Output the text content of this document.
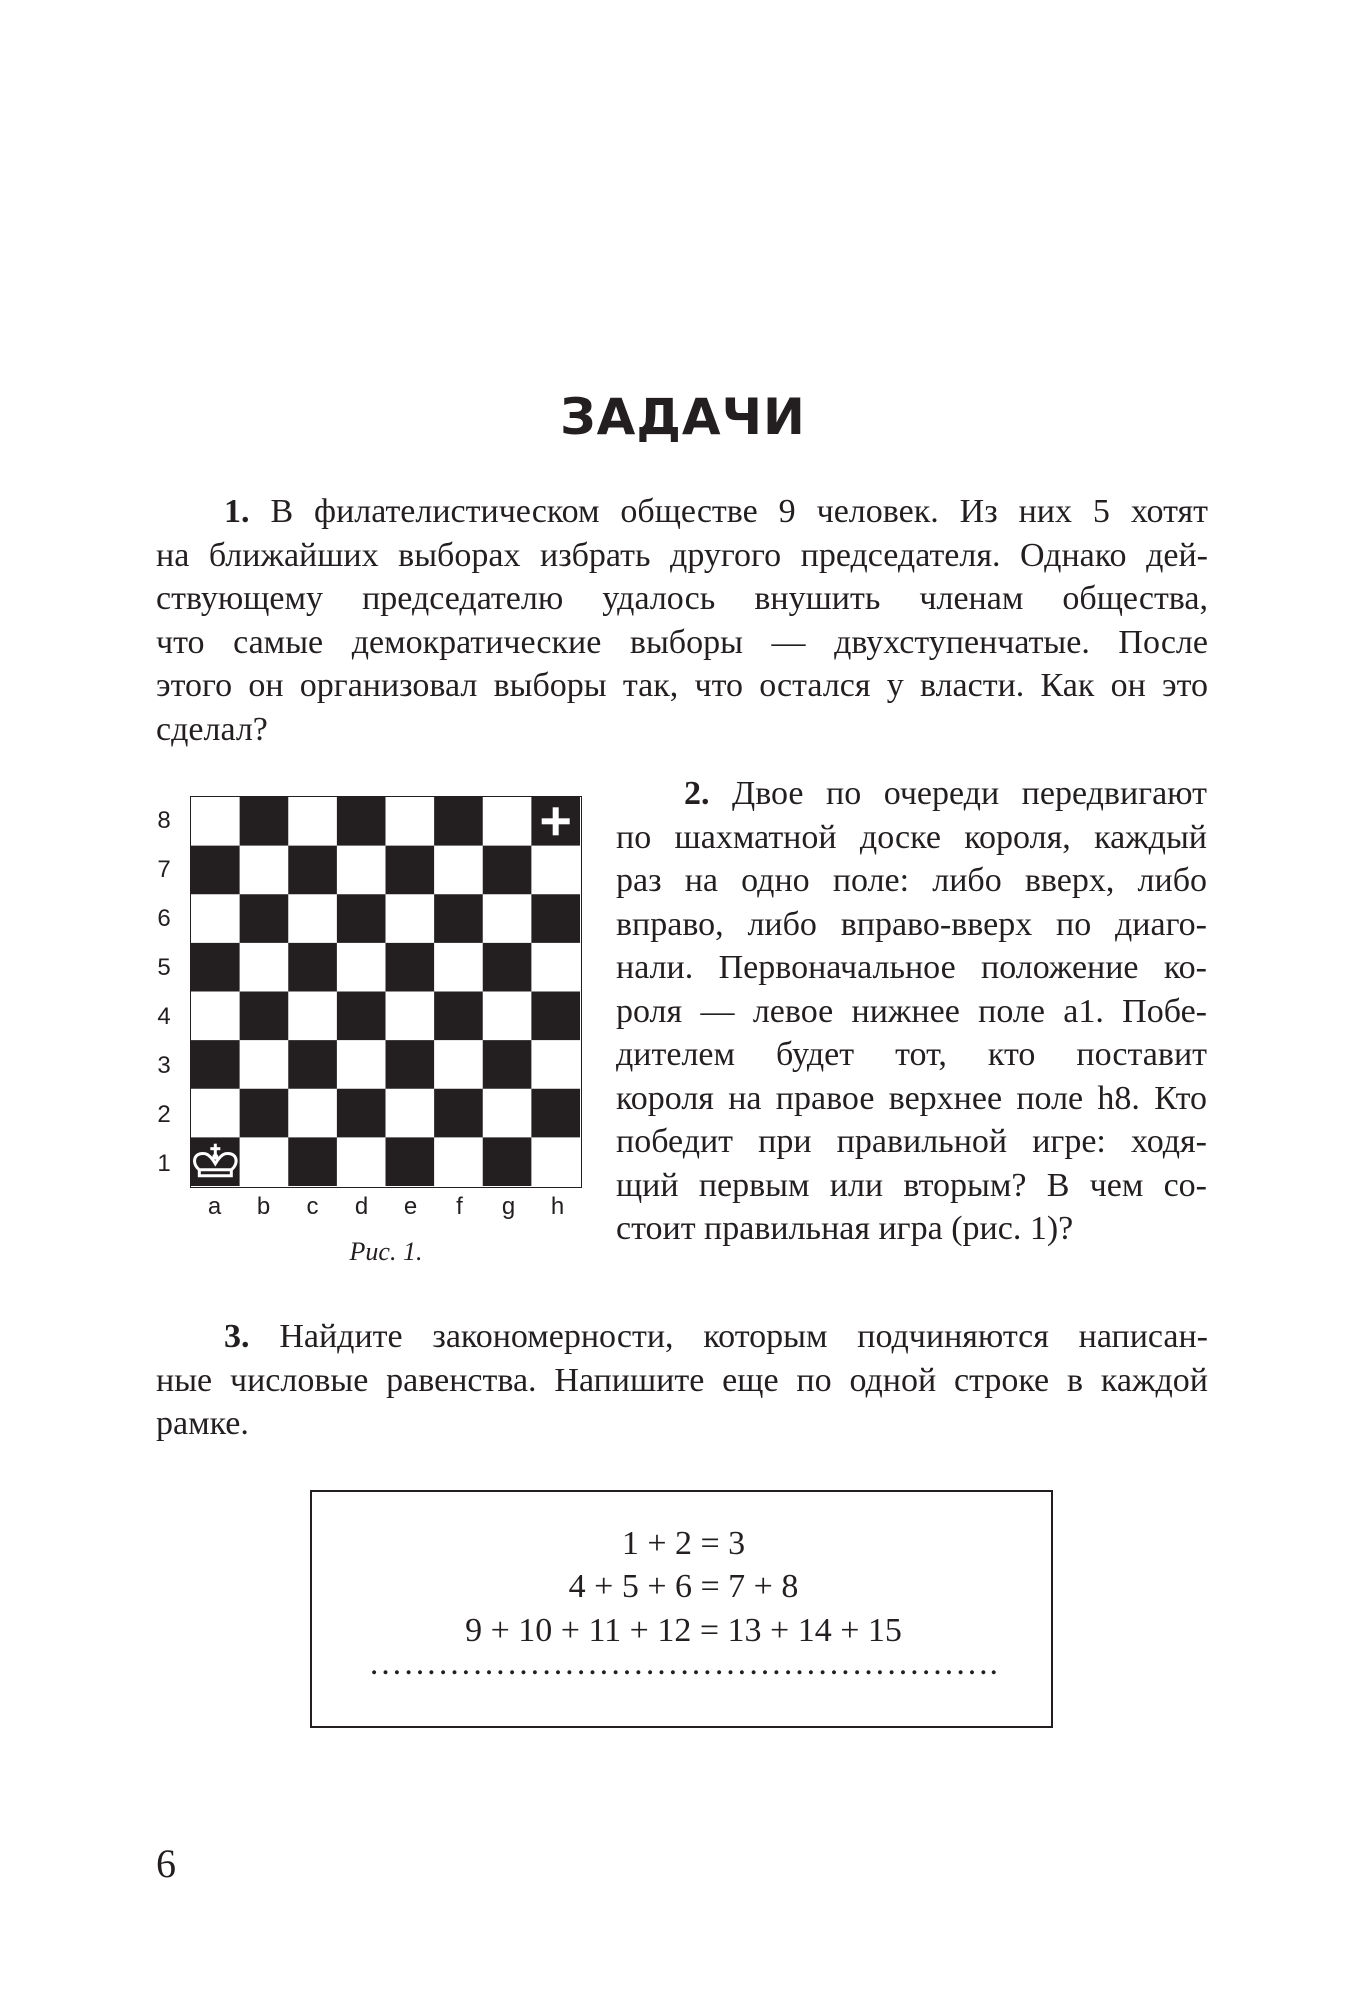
ЗАДАЧИ
1. В филателистическом обществе 9 человек. Из них 5 хотят
на ближайших выборах избрать другого председателя. Однако дей-
ствующему председателю удалось внушить членам общества,
что самые демократические выборы — двухступенчатые. После
этого он организовал выборы так, что остался у власти. Как он это
сделал?
8
7
6
5
4
3
2
1
a	b	c	d	e	f	g	h
Рис. 1.
2. Двое по очереди передвигают
по шахматной доске короля, каждый
раз на одно поле: либо вверх, либо
вправо, либо вправо-вверх по диаго-
нали. Первоначальное положение ко-
роля — левое нижнее поле a1. Побе-
дителем будет тот, кто поставит
короля на правое верхнее поле h8. Кто
победит при правильной игре: ходя-
щий первым или вторым? В чем со-
стоит правильная игра (рис. 1)?
3. Найдите закономерности, которым подчиняются написан-
ные числовые равенства. Напишите еще по одной строке в каждой
рамке.
1 + 2 = 3
4 + 5 + 6 = 7 + 8
9 + 10 + 11 + 12 = 13 + 14 + 15
……………………………………………….
6
